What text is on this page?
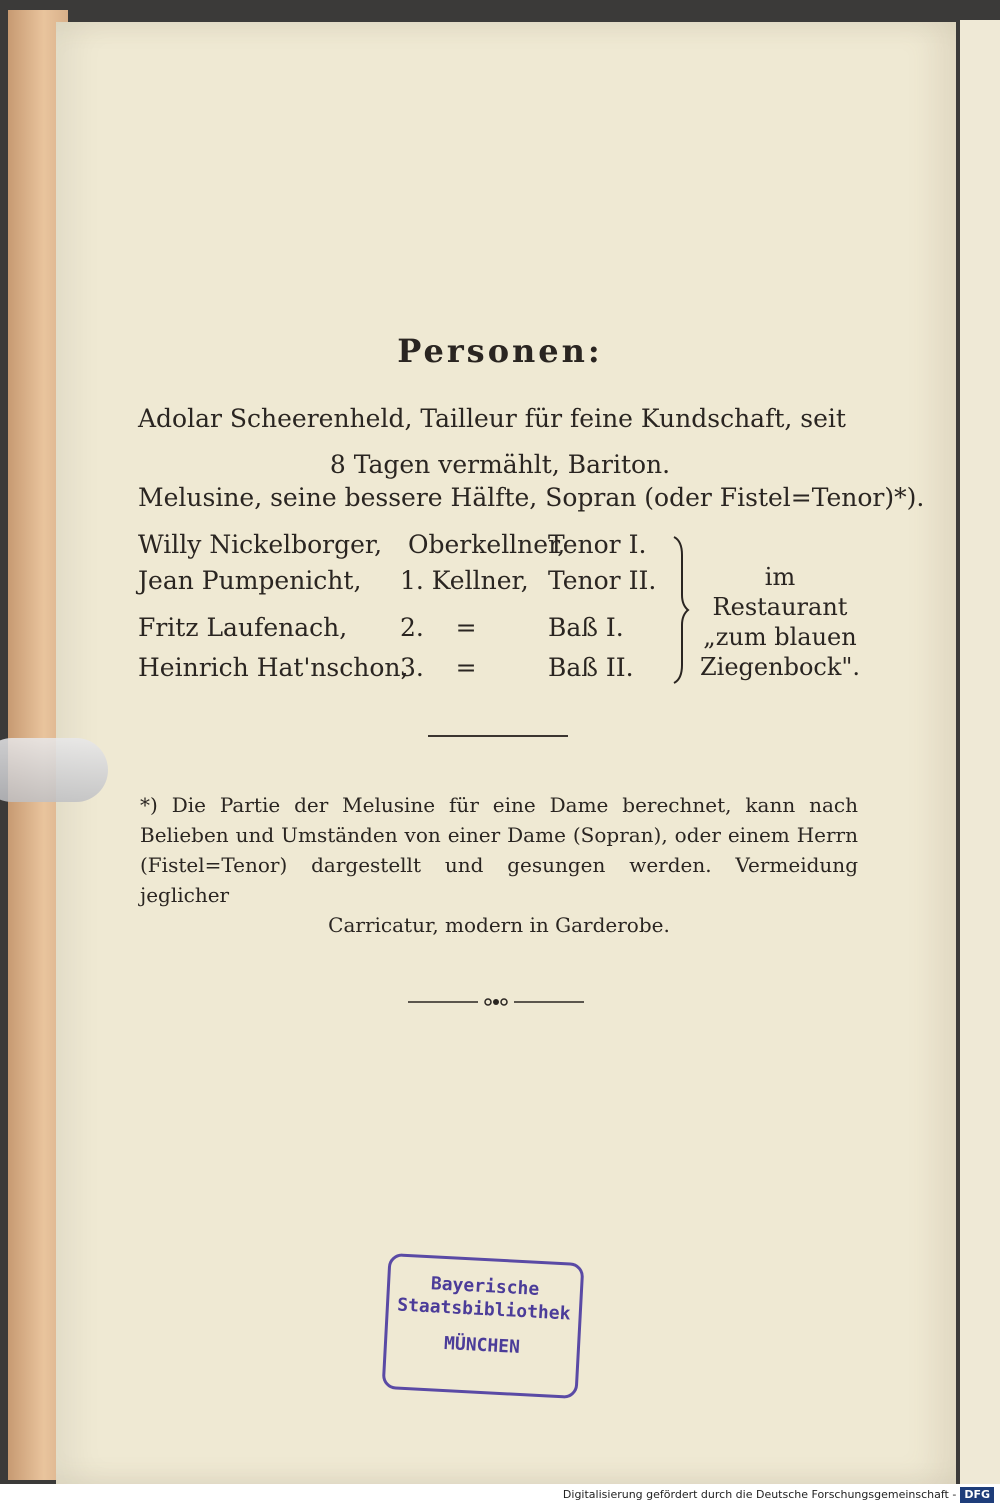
Personen:
Adolar Scheerenheld, Tailleur für feine Kundschaft, seit
8 Tagen vermählt, Bariton.
Melusine, seine bessere Hälfte, Sopran (oder Fistel=Tenor)*).
Willy Nickelborger, Oberkellner,
Tenor I.
Jean Pumpenicht, 1. Kellner, Tenor II.
Fritz Laufenach, 2.    =	Baß I.
Heinrich Hat'nschon,
3.    =	Baß II.
im Restaurant
„zum blauen
Ziegenbock".
*) Die Partie der Melusine für eine Dame berechnet, kann nach Belieben und Umständen von einer Dame (Sopran), oder einem Herrn (Fistel=Tenor) dargestellt und gesungen werden. Vermeidung jeglicher
Carricatur, modern in Garderobe.
Bayerische
Staatsbibliothek
MÜNCHEN
Digitalisierung gefördert durch die Deutsche Forschungsgemeinschaft - DFG
